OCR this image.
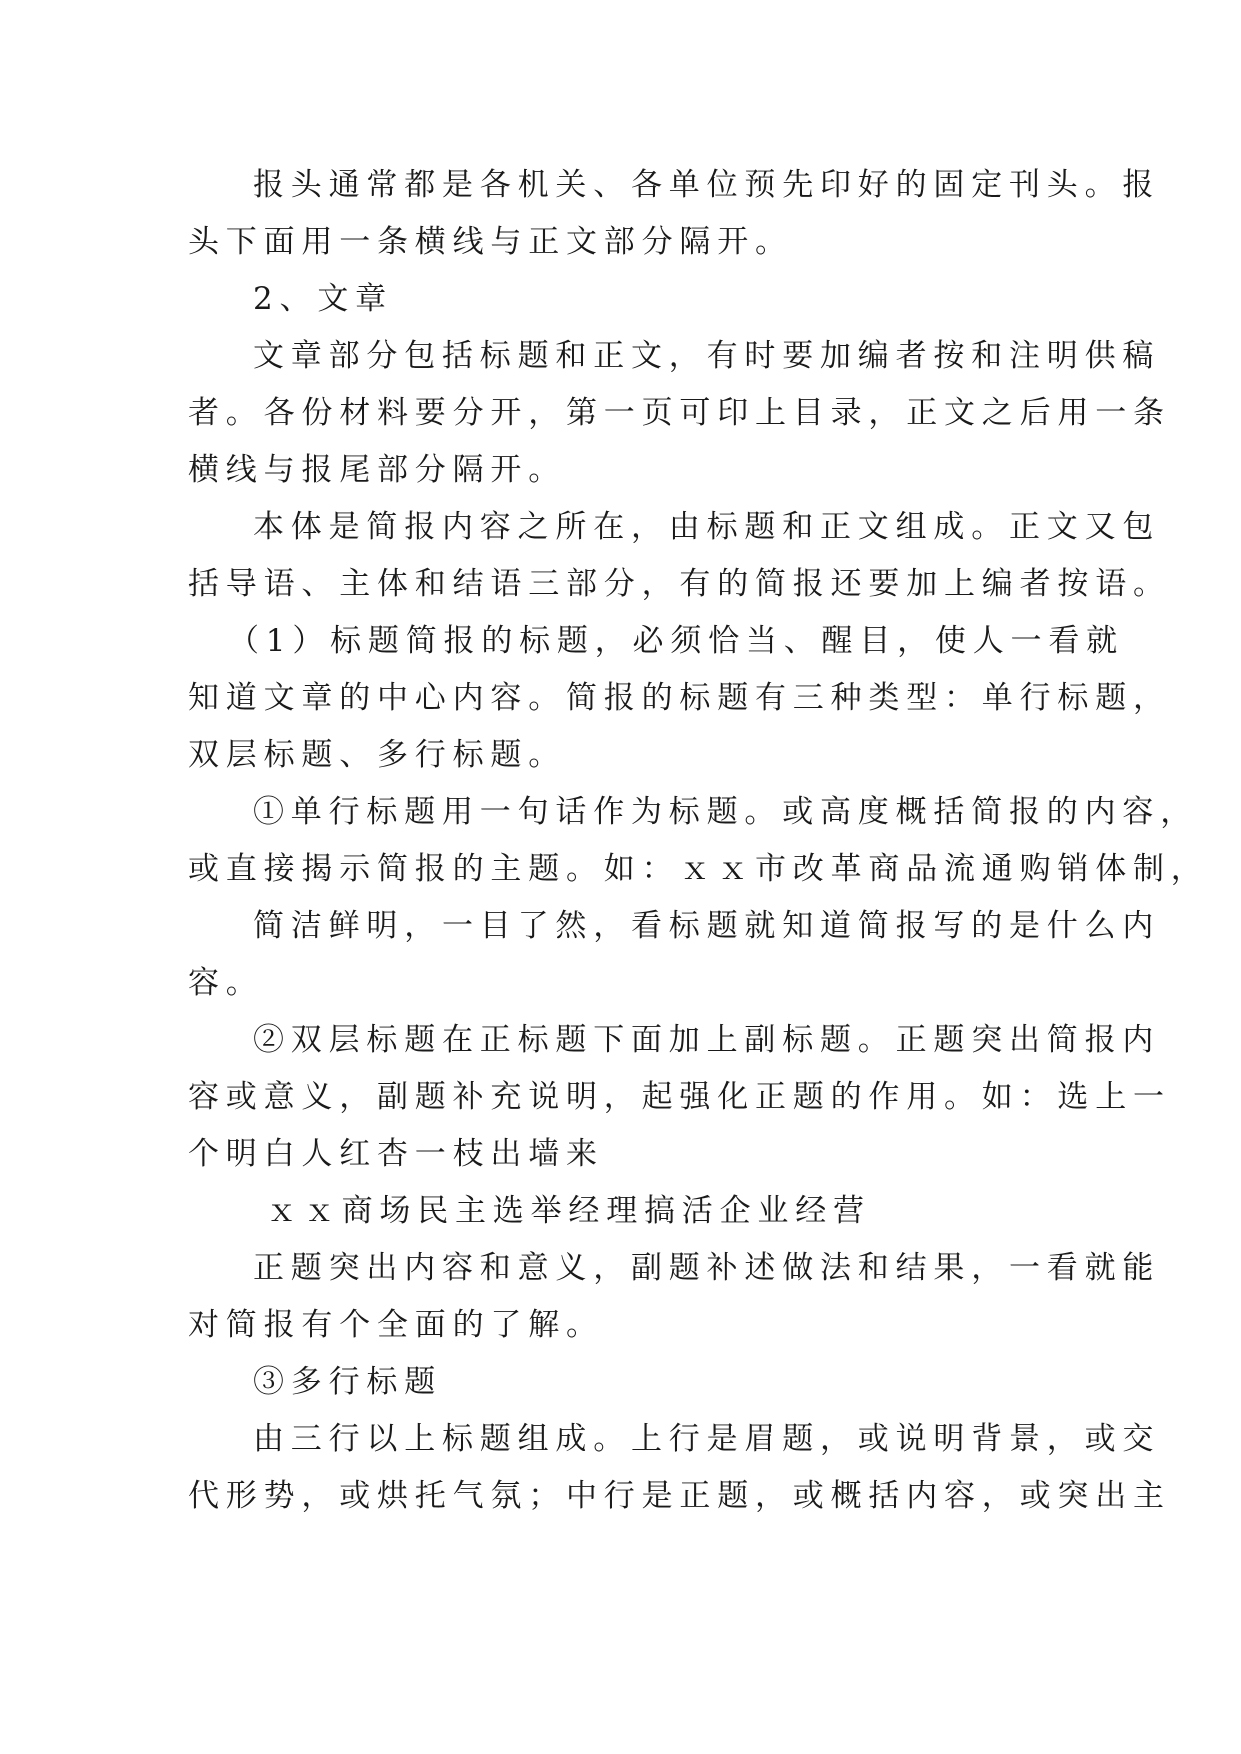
报头通常都是各机关、各单位预先印好的固定刊头。报
头下面用一条横线与正文部分隔开。
2、文章
文章部分包括标题和正文，有时要加编者按和注明供稿
者。各份材料要分开，第一页可印上目录，正文之后用一条
横线与报尾部分隔开。
本体是简报内容之所在，由标题和正文组成。正文又包
括导语、主体和结语三部分，有的简报还要加上编者按语。
（1）标题简报的标题，必须恰当、醒目，使人一看就
知道文章的中心内容。简报的标题有三种类型：单行标题，
双层标题、多行标题。
①单行标题用一句话作为标题。或高度概括简报的内容，
或直接揭示简报的主题。如：ｘｘ市改革商品流通购销体制，
简洁鲜明，一目了然，看标题就知道简报写的是什么内
容。
②双层标题在正标题下面加上副标题。正题突出简报内
容或意义，副题补充说明，起强化正题的作用。如：选上一
个明白人红杏一枝出墙来
ｘｘ商场民主选举经理搞活企业经营
正题突出内容和意义，副题补述做法和结果，一看就能
对简报有个全面的了解。
③多行标题
由三行以上标题组成。上行是眉题，或说明背景，或交
代形势，或烘托气氛；中行是正题，或概括内容，或突出主
